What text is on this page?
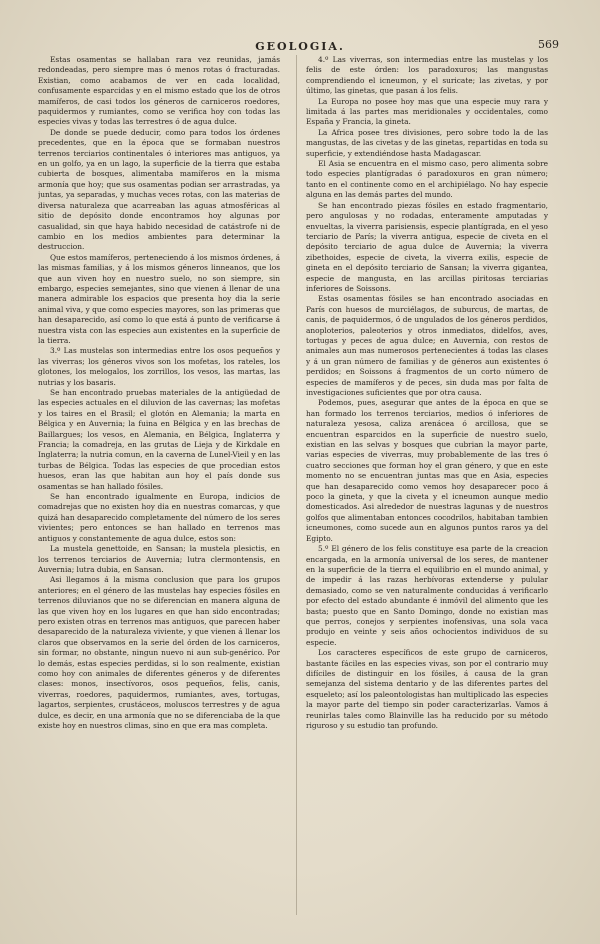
GEOLOGIA.	569

Estas osamentas se hallaban rara vez reunidas, jamás redondeadas, pero siempre mas ó menos rotas ó fracturadas. Existian, como acabamos de ver en cada localidad, confusamente esparcidas y en el mismo estado que los de otros mamíferos, de casi todos los géneros de carniceros roedores, paquidermos y rumiantes, como se verifica hoy con todas las especies vivas y todas las terrestres ó de agua dulce.

De donde se puede deducir, como para todos los órdenes precedentes, que en la época que se formaban nuestros terrenos terciarios continentales ó interiores mas antiguos, ya en un golfo, ya en un lago, la superficie de la tierra que estaba cubierta de bosques, alimentaba mamíferos en la misma armonía que hoy; que sus osamentas podian ser arrastradas, ya juntas, ya separadas, y muchas veces rotas, con las materias de diversa naturaleza que acarreaban las aguas atmosféricas al sitio de depósito donde encontramos hoy algunas por casualidad, sin que haya habido necesidad de catástrofe ni de cambio en los medios ambientes para determinar la destruccion.

Que estos mamíferos, perteneciendo á los mismos órdenes, á las mismas familias, y á los mismos géneros linneanos, que los que aun viven hoy en nuestro suelo, no son siempre, sin embargo, especies semejantes, sino que vienen á llenar de una manera admirable los espacios que presenta hoy dia la serie animal viva, y que como especies mayores, son las primeras que han desaparecido, así como lo que está á punto de verificarse á nuestra vista con las especies aun existentes en la superficie de la tierra.

3.º Las mustelas son intermedias entre los osos pequeños y las viverras; los géneros vivos son los mofetas, los rateles, los glotones, los melogalos, los zorrillos, los vesos, las martas, las nutrias y los basaris.

Se han encontrado pruebas materiales de la antigüedad de las especies actuales en el diluvion de las cavernas; las mofetas y los taires en el Brasil; el glotón en Alemania; la marta en Bélgica y en Auvernia; la fuina en Bélgica y en las brechas de Baillargues; los vesos, en Alemania, en Bélgica, Inglaterra y Francia; la comadreja, en las grutas de Lieja y de Kirkdale en Inglaterra; la nutria comun, en la caverna de Lunel-Vieil y en las turbas de Bélgica. Todas las especies de que procedian estos huesos, eran las que habitan aun hoy el país donde sus osamentas se han hallado fósiles.

Se han encontrado igualmente en Europa, indicios de comadrejas que no existen hoy dia en nuestras comarcas, y que quizá han desaparecido completamente del número de los seres vivientes; pero entonces se han hallado en terrenos mas antiguos y constantemente de agua dulce, estos son:

La mustela genettoide, en Sansan; la mustela plesictis, en los terrenos terciarios de Auvernia; lutra clermontensis, en Auvernia; lutra dubia, en Sansan.

Asi llegamos á la misma conclusion que para los grupos anteriores; en el género de las mustelas hay especies fósiles en terrenos diluvianos que no se diferencian en manera alguna de las que viven hoy en los lugares en que han sido encontradas; pero existen otras en terrenos mas antiguos, que parecen haber desaparecido de la naturaleza viviente, y que vienen á llenar los claros que observamos en la serie del órden de los carniceros, sin formar, no obstante, ningun nuevo ni aun sub-genérico. Por lo demás, estas especies perdidas, si lo son realmente, existian como hoy con animales de diferentes géneros y de diferentes clases: monos, insectívoros, osos pequeños, felis, canis, viverras, roedores, paquidermos, rumiantes, aves, tortugas, lagartos, serpientes, crustáceos, moluscos terrestres y de agua dulce, es decir, en una armonía que no se diferenciaba de la que existe hoy en nuestros climas, sino en que era mas completa.

4.º Las viverras, son intermedias entre las mustelas y los felis de este órden: los paradoxuros; las mangustas comprendiendo el icneumon, y el suricate; las zivetas, y por último, las ginetas, que pasan á los felis.

La Europa no posee hoy mas que una especie muy rara y limitada á las partes mas meridionales y occidentales, como España y Francia, la gineta.

La Africa posee tres divisiones, pero sobre todo la de las mangustas, de las civetas y de las ginetas, repartidas en toda su superficie, y extendiéndose hasta Madagascar.

El Asia se encuentra en el mismo caso, pero alimenta sobre todo especies plantígradas ó paradoxuros en gran número; tanto en el continente como en el archipiélago. No hay especie alguna en las demás partes del mundo.

Se han encontrado piezas fósiles en estado fragmentario, pero angulosas y no rodadas, enteramente amputadas y envueltas, la viverra parisiensis, especie plantígrada, en el yeso terciario de París; la viverra antigua, especie de civeta en el depósito terciario de agua dulce de Auvernia; la viverra zibethoides, especie de civeta, la viverra exilis, especie de gineta en el depósito terciario de Sansan; la viverra gigantea, especie de mangusta, en las arcillas piritosas terciarias inferiores de Soissons.

Estas osamentas fósiles se han encontrado asociadas en París con huesos de murciélagos, de suburcus, de martas, de canis, de paquidermos, ó de ungulados de los géneros perdidos, anoploterios, paleoterios y otros inmediatos, didelfos, aves, tortugas y peces de agua dulce; en Auvernia, con restos de animales aun mas numerosos pertenecientes á todas las clases y á un gran número de familias y de géneros aun existentes ó perdidos; en Soissons á fragmentos de un corto número de especies de mamíferos y de peces, sin duda mas por falta de investigaciones suficientes que por otra causa.

Podemos, pues, asegurar que antes de la época en que se han formado los terrenos terciarios, medios ó inferiores de naturaleza yesosa, caliza arenácea ó arcillosa, que se encuentran esparcidos en la superficie de nuestro suelo, existian en las selvas y bosques que cubrian la mayor parte, varias especies de viverras, muy probablemente de las tres ó cuatro secciones que forman hoy el gran género, y que en este momento no se encuentran juntas mas que en Asia, especies que han desaparecido como vemos hoy desaparecer poco á poco la gineta, y que la civeta y el icneumon aunque medio domesticados. Asi alrededor de nuestras lagunas y de nuestros golfos que alimentaban entonces cocodrilos, habitaban tambien icneumones, como sucede aun en algunos puntos raros ya del Egipto.

5.º El género de los felis constituye esa parte de la creacion encargada, en la armonía universal de los seres, de mantener en la superficie de la tierra el equilibrio en el mundo animal, y de impedir á las razas herbívoras extenderse y pulular demasiado, como se ven naturalmente conducidas á verificarlo por efecto del estado abundante é inmóvil del alimento que les basta; puesto que en Santo Domingo, donde no existian mas que perros, conejos y serpientes inofensivas, una sola vaca produjo en veinte y seis años ochocientos individuos de su especie.

Los caracteres específicos de este grupo de carniceros, bastante fáciles en las especies vivas, son por el contrario muy difíciles de distinguir en los fósiles, á causa de la gran semejanza del sistema dentario y de las diferentes partes del esqueleto; así los paleontologistas han multiplicado las especies la mayor parte del tiempo sin poder caracterizarlas. Vamos á reunirlas tales como Blainville las ha reducido por su método riguroso y su estudio tan profundo.
